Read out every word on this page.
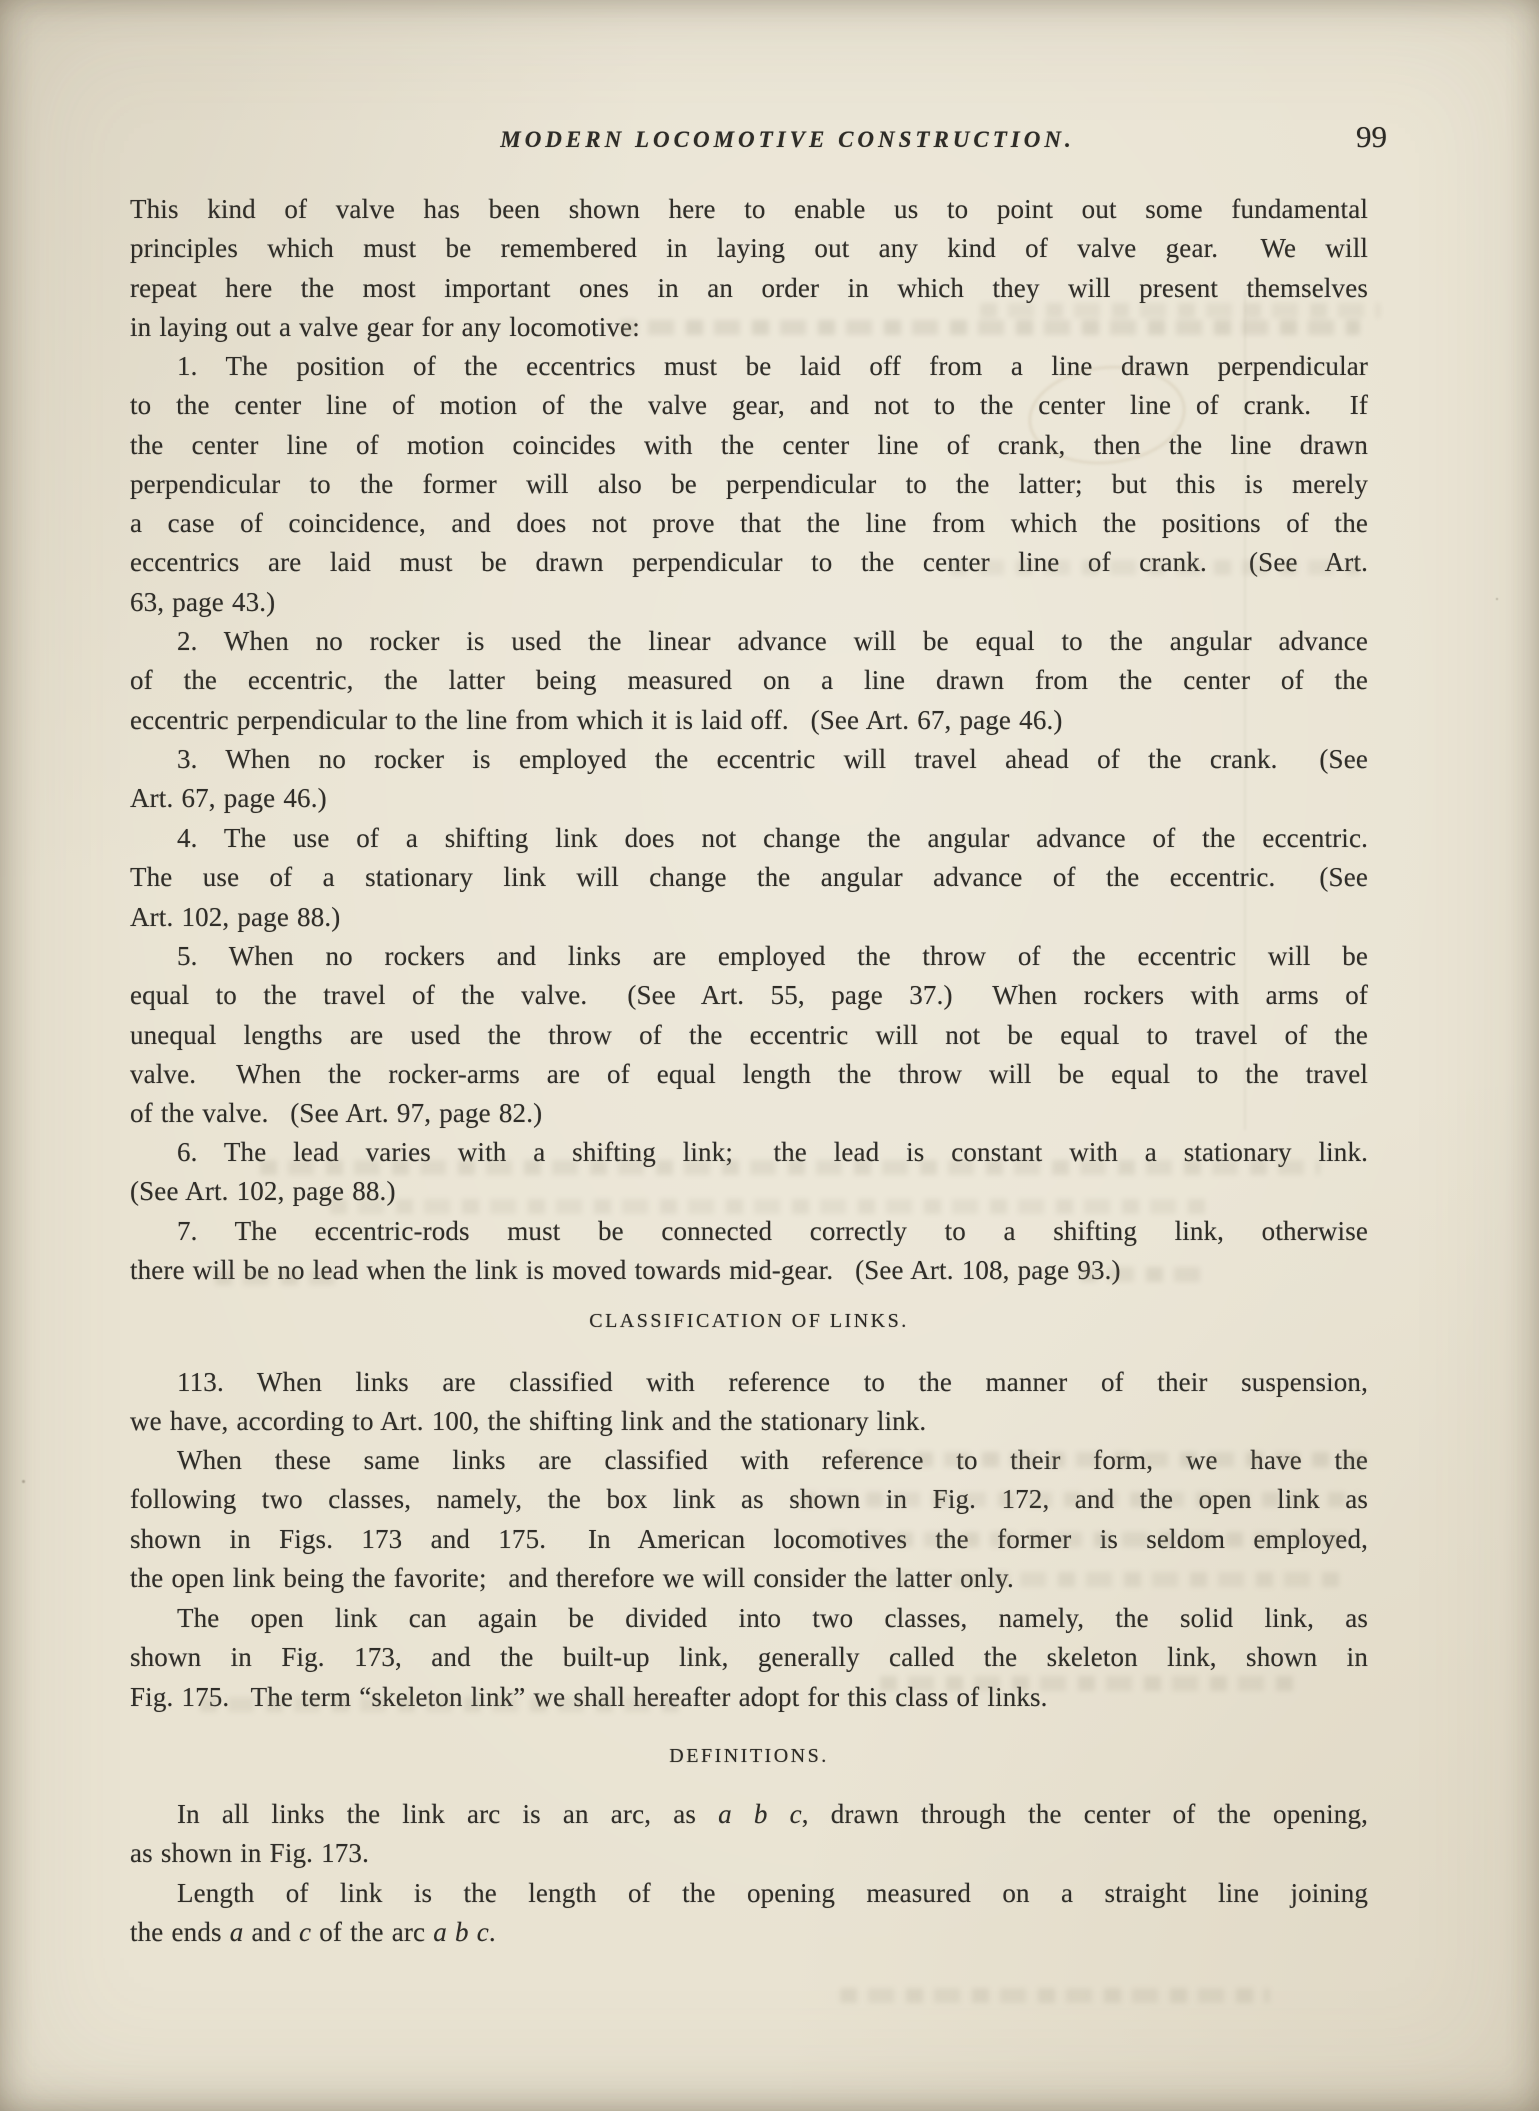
MODERN LOCOMOTIVE CONSTRUCTION.	99
This kind of valve has been shown here to enable us to point out some fundamental
principles which must be remembered in laying out any kind of valve gear.  We will
repeat here the most important ones in an order in which they will present themselves
in laying out a valve gear for any locomotive:
1. The position of the eccentrics must be laid off from a line drawn perpendicular
to the center line of motion of the valve gear, and not to the center line of crank.  If
the center line of motion coincides with the center line of crank, then the line drawn
perpendicular to the former will also be perpendicular to the latter; but this is merely
a case of coincidence, and does not prove that the line from which the positions of the
eccentrics are laid must be drawn perpendicular to the center line of crank.  (See Art.
63, page 43.)
2. When no rocker is used the linear advance will be equal to the angular advance
of the eccentric, the latter being measured on a line drawn from the center of the
eccentric perpendicular to the line from which it is laid off.  (See Art. 67, page 46.)
3. When no rocker is employed the eccentric will travel ahead of the crank.  (See
Art. 67, page 46.)
4. The use of a shifting link does not change the angular advance of the eccentric.
The use of a stationary link will change the angular advance of the eccentric.  (See
Art. 102, page 88.)
5. When no rockers and links are employed the throw of the eccentric will be
equal to the travel of the valve.  (See Art. 55, page 37.)  When rockers with arms of
unequal lengths are used the throw of the eccentric will not be equal to travel of the
valve.  When the rocker-arms are of equal length the throw will be equal to the travel
of the valve.  (See Art. 97, page 82.)
6. The lead varies with a shifting link;  the lead is constant with a stationary link.
(See Art. 102, page 88.)
7. The eccentric-rods must be connected correctly to a shifting link, otherwise
there will be no lead when the link is moved towards mid-gear.  (See Art. 108, page 93.)
CLASSIFICATION OF LINKS.
113. When links are classified with reference to the manner of their suspension,
we have, according to Art. 100, the shifting link and the stationary link.
When these same links are classified with reference to their form, we have the
following two classes, namely, the box link as shown in Fig. 172, and the open link as
shown in Figs. 173 and 175.  In American locomotives the former is seldom employed,
the open link being the favorite;  and therefore we will consider the latter only.
The open link can again be divided into two classes, namely, the solid link, as
shown in Fig. 173, and the built-up link, generally called the skeleton link, shown in
Fig. 175.  The term “skeleton link” we shall hereafter adopt for this class of links.
DEFINITIONS.
In all links the link arc is an arc, as a b c, drawn through the center of the opening,
as shown in Fig. 173.
Length of link is the length of the opening measured on a straight line joining
the ends a and c of the arc a b c.
